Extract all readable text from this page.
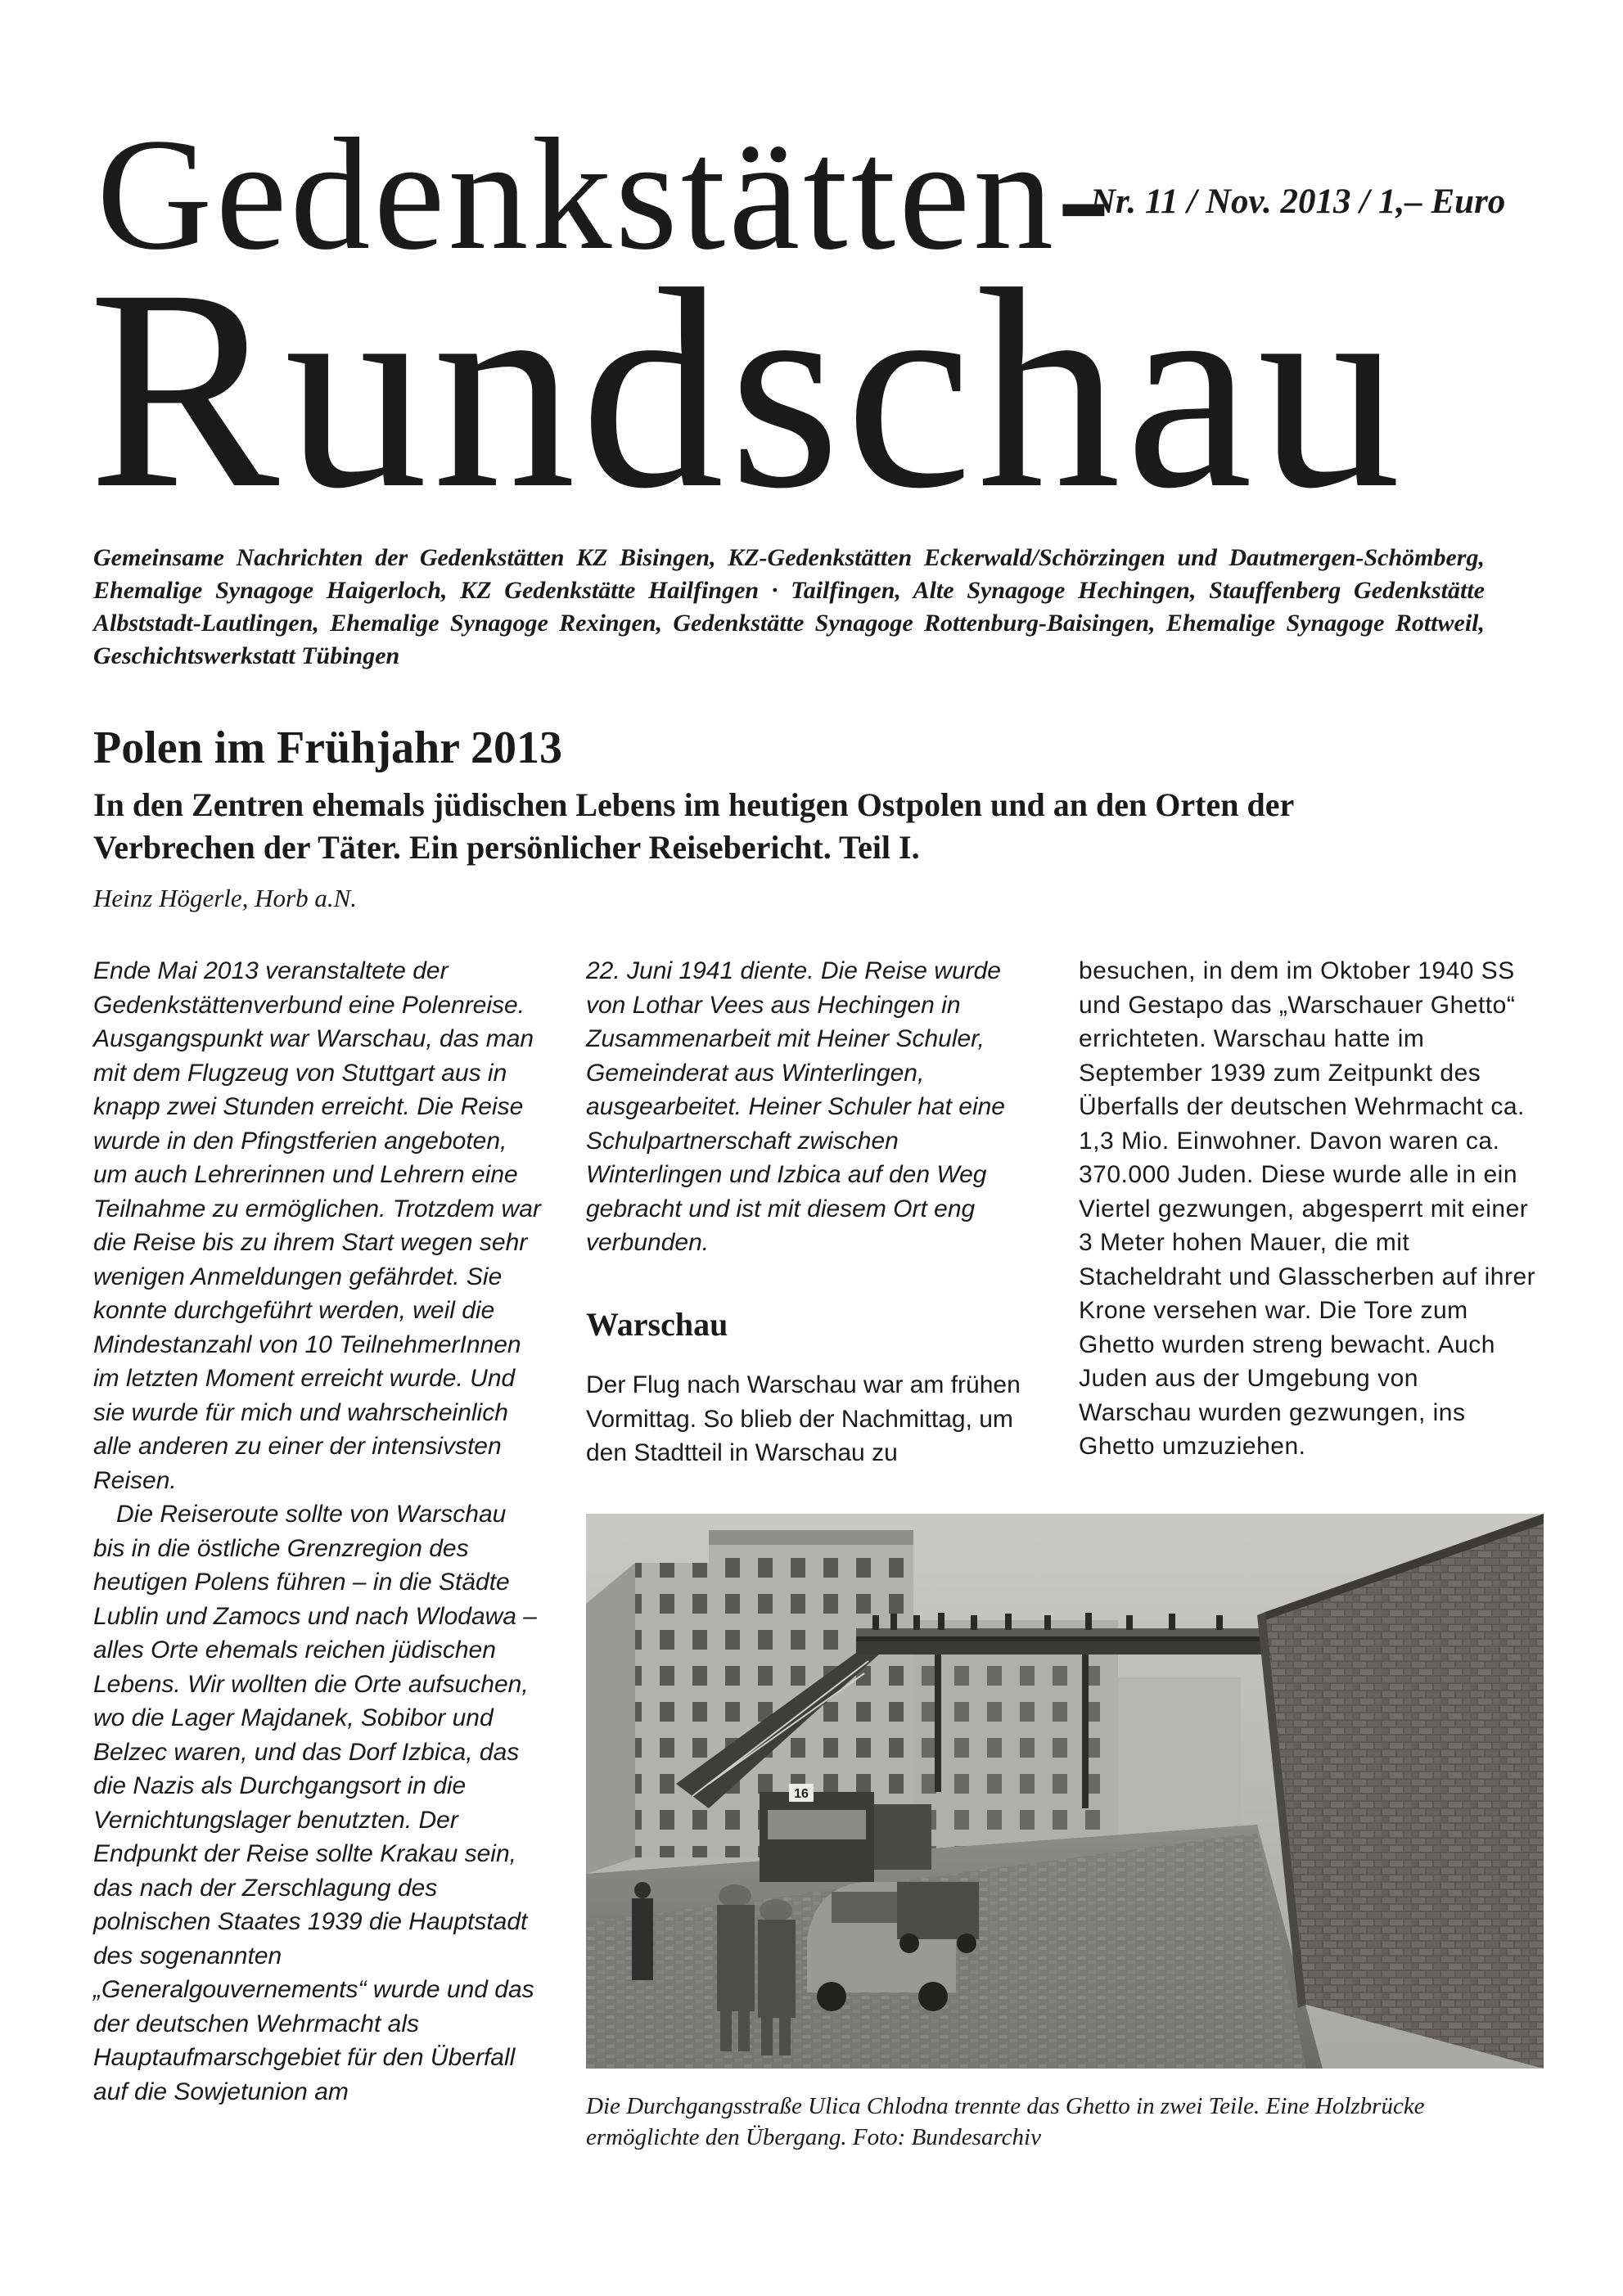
Gedenkstätten-
Nr. 11 / Nov. 2013 / 1,– Euro
Rundschau
Gemeinsame Nachrichten der Gedenkstätten KZ Bisingen, KZ-Gedenkstätten Eckerwald/Schörzingen und Dautmergen-Schömberg, Ehemalige Synagoge Haigerloch, KZ Gedenkstätte Hailfingen · Tailfingen, Alte Synagoge Hechingen, Stauffenberg Gedenkstätte Albststadt-Lautlingen, Ehemalige Synagoge Rexingen, Gedenkstätte Synagoge Rottenburg-Baisingen, Ehemalige Synagoge Rottweil, Geschichtswerkstatt Tübingen
Polen im Frühjahr 2013
In den Zentren ehemals jüdischen Lebens im heutigen Ostpolen und an den Orten der Verbrechen der Täter. Ein persönlicher Reisebericht. Teil I.
Heinz Högerle, Horb a.N.

Ende Mai 2013 veranstaltete der Gedenkstättenverbund eine Polenreise. Ausgangspunkt war Warschau, das man mit dem Flugzeug von Stuttgart aus in knapp zwei Stunden erreicht. Die Reise wurde in den Pfingstferien angeboten, um auch Lehrerinnen und Lehrern eine Teilnahme zu ermöglichen. Trotzdem war die Reise bis zu ihrem Start wegen sehr wenigen Anmeldungen gefährdet. Sie konnte durchgeführt werden, weil die Mindestanzahl von 10 TeilnehmerInnen im letzten Moment erreicht wurde. Und sie wurde für mich und wahrscheinlich alle anderen zu einer der intensivsten Reisen.

Die Reiseroute sollte von Warschau bis in die östliche Grenzregion des heutigen Polens führen – in die Städte Lublin und Zamocs und nach Wlodawa – alles Orte ehemals reichen jüdischen Lebens. Wir wollten die Orte aufsuchen, wo die Lager Majdanek, Sobibor und Belzec waren, und das Dorf Izbica, das die Nazis als Durchgangsort in die Vernichtungslager benutzten. Der Endpunkt der Reise sollte Krakau sein, das nach der Zerschlagung des polnischen Staates 1939 die Hauptstadt des sogenannten „Generalgouvernements“ wurde und das der deutschen Wehrmacht als Hauptaufmarschgebiet für den Überfall auf die Sowjetunion am

22. Juni 1941 diente. Die Reise wurde von Lothar Vees aus Hechingen in Zusammenarbeit mit Heiner Schuler, Gemeinderat aus Winterlingen, ausgearbeitet. Heiner Schuler hat eine Schulpartnerschaft zwischen Winterlingen und Izbica auf den Weg gebracht und ist mit diesem Ort eng verbunden.

Warschau

Der Flug nach Warschau war am frühen Vormittag. So blieb der Nachmittag, um den Stadtteil in Warschau zu

besuchen, in dem im Oktober 1940 SS und Gestapo das „Warschauer Ghetto“ errichteten. Warschau hatte im September 1939 zum Zeitpunkt des Überfalls der deutschen Wehrmacht ca. 1,3 Mio. Einwohner. Davon waren ca. 370.000 Juden. Diese wurde alle in ein Viertel gezwungen, abgesperrt mit einer 3 Meter hohen Mauer, die mit Stacheldraht und Glasscherben auf ihrer Krone versehen war. Die Tore zum Ghetto wurden streng bewacht. Auch Juden aus der Umgebung von Warschau wurden gezwungen, ins Ghetto umzuziehen.

16
Die Durchgangsstraße Ulica Chlodna trennte das Ghetto in zwei Teile. Eine Holzbrücke ermöglichte den Übergang. Foto: Bundesarchiv
